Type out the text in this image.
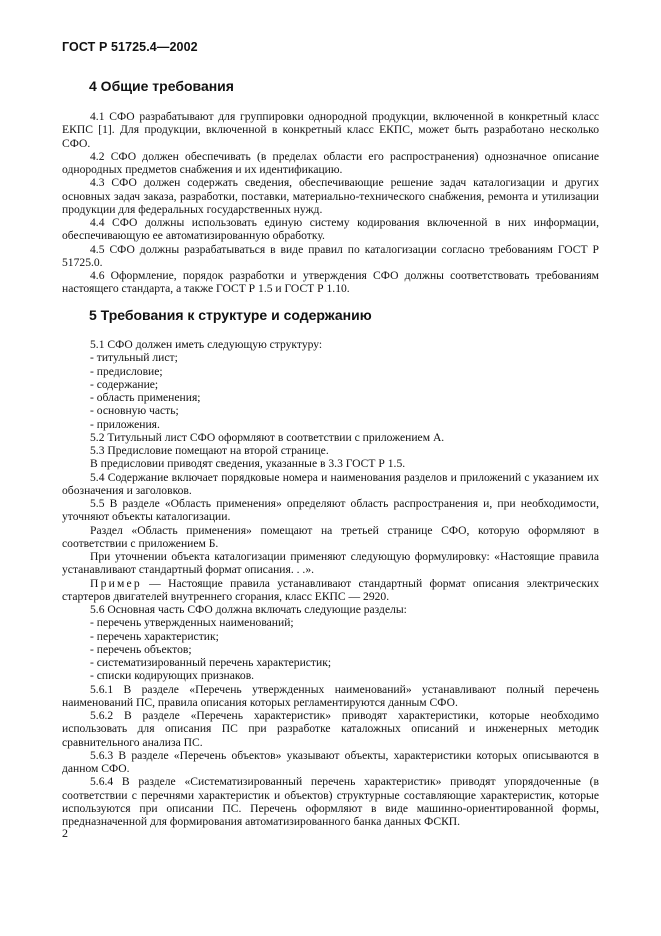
ГОСТ Р 51725.4—2002
4 Общие требования

4.1 СФО разрабатывают для группировки однородной продукции, включенной в конкретный класс ЕКПС [1]. Для продукции, включенной в конкретный класс ЕКПС, может быть разработано несколько СФО.

4.2 СФО должен обеспечивать (в пределах области его распространения) однозначное описание однородных предметов снабжения и их идентификацию.

4.3 СФО должен содержать сведения, обеспечивающие решение задач каталогизации и других основных задач заказа, разработки, поставки, материально-технического снабжения, ремонта и утилизации продукции для федеральных государственных нужд.

4.4 СФО должны использовать единую систему кодирования включенной в них информации, обеспечивающую ее автоматизированную обработку.

4.5 СФО должны разрабатываться в виде правил по каталогизации согласно требованиям ГОСТ Р 51725.0.

4.6 Оформление, порядок разработки и утверждения СФО должны соответствовать требованиям настоящего стандарта, а также ГОСТ Р 1.5 и ГОСТ Р 1.10.

5 Требования к структуре и содержанию

5.1 СФО должен иметь следующую структуру:

- титульный лист;

- предисловие;

- содержание;

- область применения;

- основную часть;

- приложения.

5.2 Титульный лист СФО оформляют в соответствии с приложением А.

5.3 Предисловие помещают на второй странице.

В предисловии приводят сведения, указанные в 3.3 ГОСТ Р 1.5.

5.4 Содержание включает порядковые номера и наименования разделов и приложений с указанием их обозначения и заголовков.

5.5 В разделе «Область применения» определяют область распространения и, при необходимости, уточняют объекты каталогизации.

Раздел «Область применения» помещают на третьей странице СФО, которую оформляют в соответствии с приложением Б.

При уточнении объекта каталогизации применяют следующую формулировку: «Настоящие правила устанавливают стандартный формат описания. . .».

Пример — Настоящие правила устанавливают стандартный формат описания электрических стартеров двигателей внутреннего сгорания, класс ЕКПС — 2920.

5.6 Основная часть СФО должна включать следующие разделы:

- перечень утвержденных наименований;

- перечень характеристик;

- перечень объектов;

- систематизированный перечень характеристик;

- списки кодирующих признаков.

5.6.1 В разделе «Перечень утвержденных наименований» устанавливают полный перечень наименований ПС, правила описания которых регламентируются данным СФО.

5.6.2 В разделе «Перечень характеристик» приводят характеристики, которые необходимо использовать для описания ПС при разработке каталожных описаний и инженерных методик сравнительного анализа ПС.

5.6.3 В разделе «Перечень объектов» указывают объекты, характеристики которых описываются в данном СФО.

5.6.4 В разделе «Систематизированный перечень характеристик» приводят упорядоченные (в соответствии с перечнями характеристик и объектов) структурные составляющие характеристик, которые используются при описании ПС. Перечень оформляют в виде машинно-ориентированной формы, предназначенной для формирования автоматизированного банка данных ФСКП.

2
